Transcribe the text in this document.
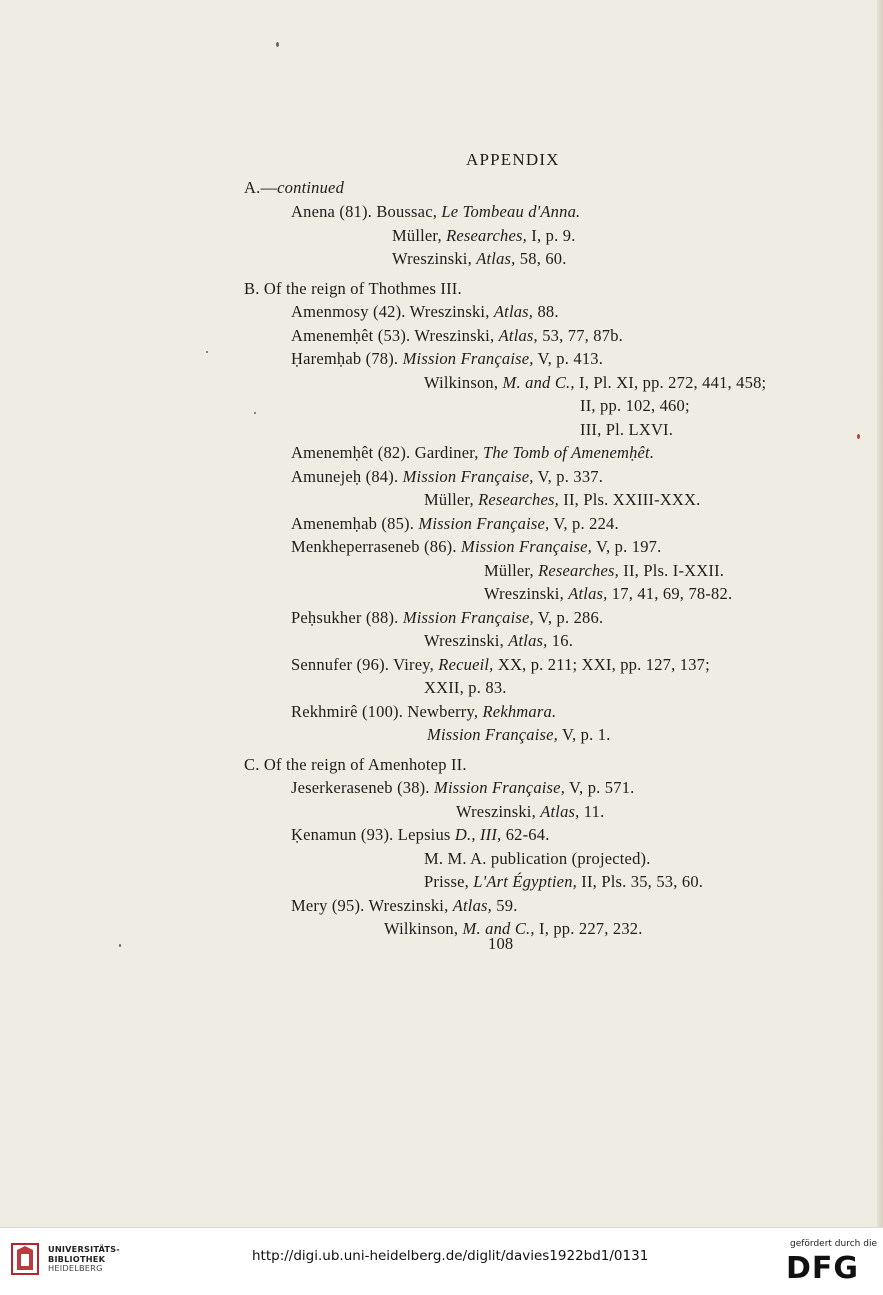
APPENDIX
A.—continued
Anena (81). Boussac, Le Tombeau d'Anna.
Müller, Researches, I, p. 9.
Wreszinski, Atlas, 58, 60.
B. Of the reign of Thothmes III.
Amenmosy (42). Wreszinski, Atlas, 88.
Amenemḥêt (53). Wreszinski, Atlas, 53, 77, 87b.
Ḥaremḥab (78). Mission Française, V, p. 413.
Wilkinson, M. and C., I, Pl. XI, pp. 272, 441, 458;
II, pp. 102, 460;
III, Pl. LXVI.
Amenemḥêt (82). Gardiner, The Tomb of Amenemḥêt.
Amunejeḥ (84). Mission Française, V, p. 337.
Müller, Researches, II, Pls. XXIII-XXX.
Amenemḥab (85). Mission Française, V, p. 224.
Menkheperraseneb (86). Mission Française, V, p. 197.
Müller, Researches, II, Pls. I-XXII.
Wreszinski, Atlas, 17, 41, 69, 78-82.
Peḥsukher (88). Mission Française, V, p. 286.
Wreszinski, Atlas, 16.
Sennufer (96). Virey, Recueil, XX, p. 211; XXI, pp. 127, 137;
XXII, p. 83.
Rekhmirê (100). Newberry, Rekhmara.
Mission Française, V, p. 1.
C. Of the reign of Amenhotep II.
Jeserkeraseneb (38). Mission Française, V, p. 571.
Wreszinski, Atlas, 11.
Ḳenamun (93). Lepsius D., III, 62-64.
M. M. A. publication (projected).
Prisse, L'Art Égyptien, II, Pls. 35, 53, 60.
Mery (95). Wreszinski, Atlas, 59.
Wilkinson, M. and C., I, pp. 227, 232.
108
UNIVERSITÄTS-
BIBLIOTHEK
HEIDELBERG
http://digi.ub.uni-heidelberg.de/diglit/davies1922bd1/0131
gefördert durch die
DFG
